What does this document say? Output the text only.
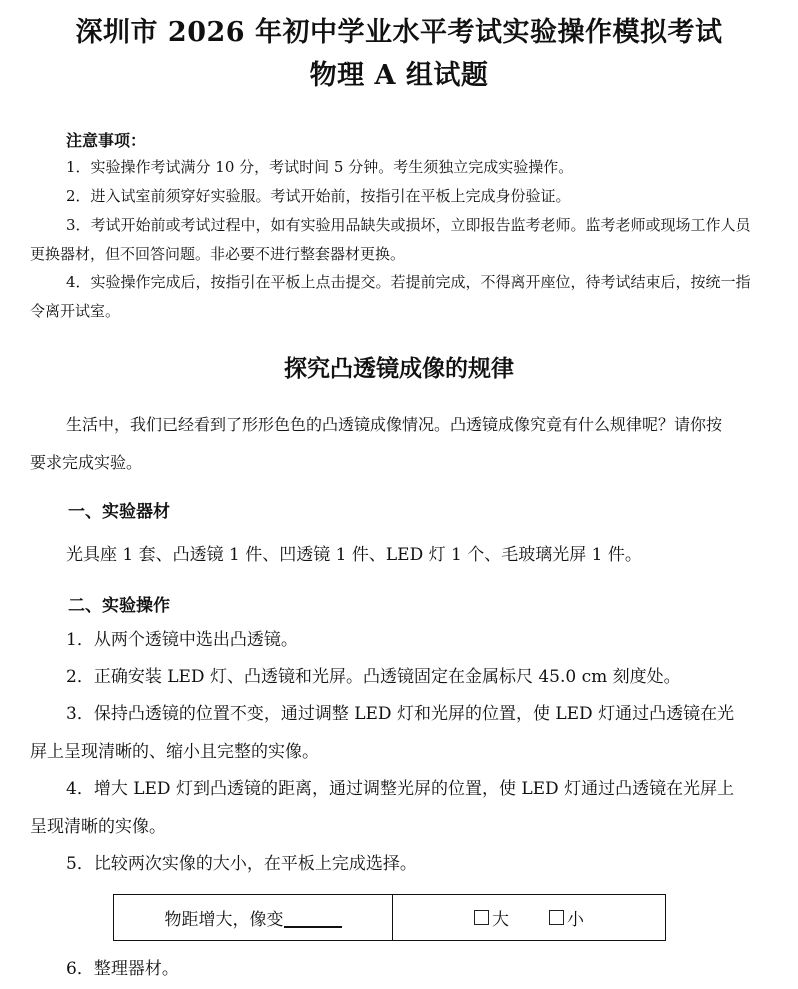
深圳市 2026 年初中学业水平考试实验操作模拟考试
物理 A 组试题
注意事项：

1．实验操作考试满分 10 分，考试时间 5 分钟。考生须独立完成实验操作。

2．进入试室前须穿好实验服。考试开始前，按指引在平板上完成身份验证。

3．考试开始前或考试过程中，如有实验用品缺失或损坏，立即报告监考老师。监考老师或现场工作人员更换器材，但不回答问题。非必要不进行整套器材更换。

4．实验操作完成后，按指引在平板上点击提交。若提前完成，不得离开座位，待考试结束后，按统一指令离开试室。

探究凸透镜成像的规律

生活中，我们已经看到了形形色色的凸透镜成像情况。凸透镜成像究竟有什么规律呢？请你按要求完成实验。

一、实验器材

光具座 1 套、凸透镜 1 件、凹透镜 1 件、LED 灯 1 个、毛玻璃光屏 1 件。

二、实验操作

1．从两个透镜中选出凸透镜。

2．正确安装 LED 灯、凸透镜和光屏。凸透镜固定在金属标尺 45.0 cm 刻度处。

3．保持凸透镜的位置不变，通过调整 LED 灯和光屏的位置，使 LED 灯通过凸透镜在光屏上呈现清晰的、缩小且完整的实像。

4．增大 LED 灯到凸透镜的距离，通过调整光屏的位置，使 LED 灯通过凸透镜在光屏上呈现清晰的实像。

5．比较两次实像的大小，在平板上完成选择。

物距增大，像变	大	小

6．整理器材。
